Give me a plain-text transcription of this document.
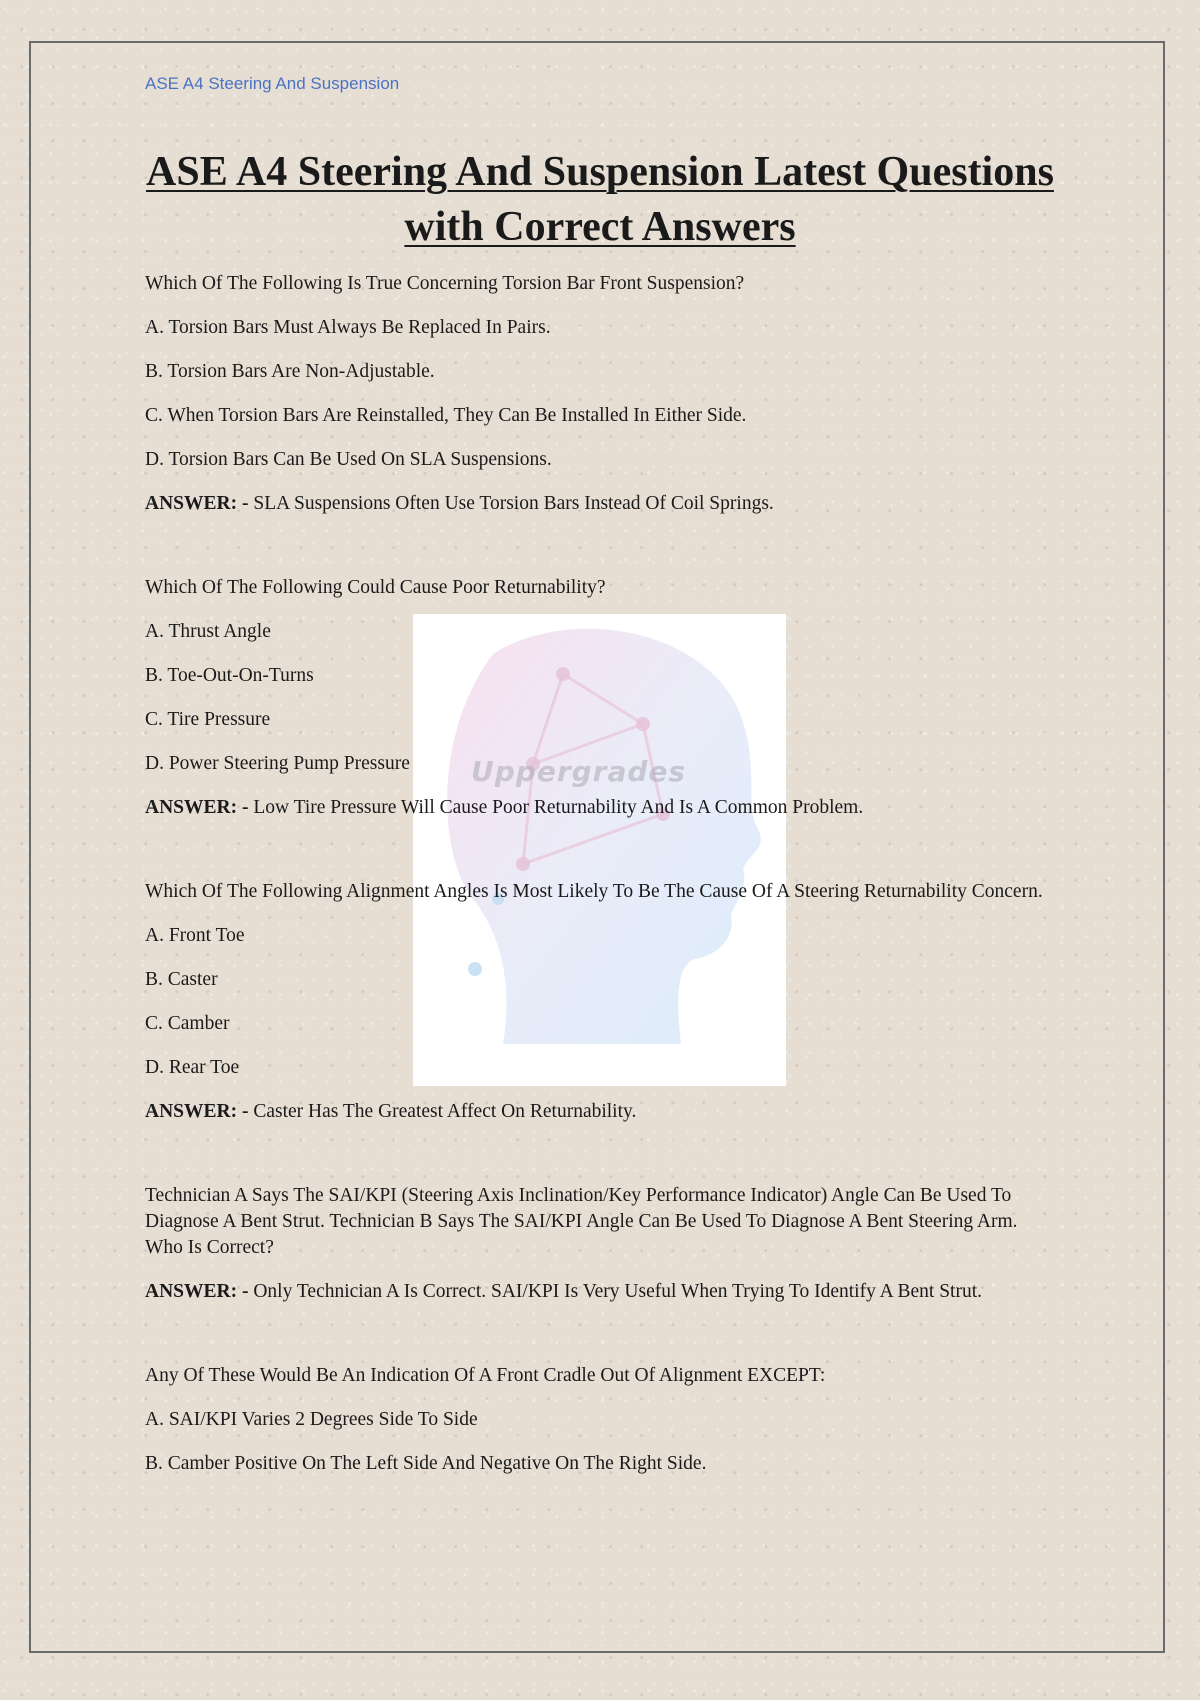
ASE A4 Steering And Suspension
ASE A4 Steering And Suspension Latest Questions with Correct Answers
Uppergrades

Which Of The Following Is True Concerning Torsion Bar Front Suspension?

A. Torsion Bars Must Always Be Replaced In Pairs.

B. Torsion Bars Are Non-Adjustable.

C. When Torsion Bars Are Reinstalled, They Can Be Installed In Either Side.

D. Torsion Bars Can Be Used On SLA Suspensions.

ANSWER: - SLA Suspensions Often Use Torsion Bars Instead Of Coil Springs.

Which Of The Following Could Cause Poor Returnability?

A. Thrust Angle

B. Toe-Out-On-Turns

C. Tire Pressure

D. Power Steering Pump Pressure

ANSWER: - Low Tire Pressure Will Cause Poor Returnability And Is A Common Problem.

Which Of The Following Alignment Angles Is Most Likely To Be The Cause Of A Steering Returnability Concern.

A. Front Toe

B. Caster

C. Camber

D. Rear Toe

ANSWER: - Caster Has The Greatest Affect On Returnability.

Technician A Says The SAI/KPI (Steering Axis Inclination/Key Performance Indicator) Angle Can Be Used To Diagnose A Bent Strut. Technician B Says The SAI/KPI Angle Can Be Used To Diagnose A Bent Steering Arm. Who Is Correct?

ANSWER: - Only Technician A Is Correct. SAI/KPI Is Very Useful When Trying To Identify A Bent Strut.

Any Of These Would Be An Indication Of A Front Cradle Out Of Alignment EXCEPT:

A. SAI/KPI Varies 2 Degrees Side To Side

B. Camber Positive On The Left Side And Negative On The Right Side.
